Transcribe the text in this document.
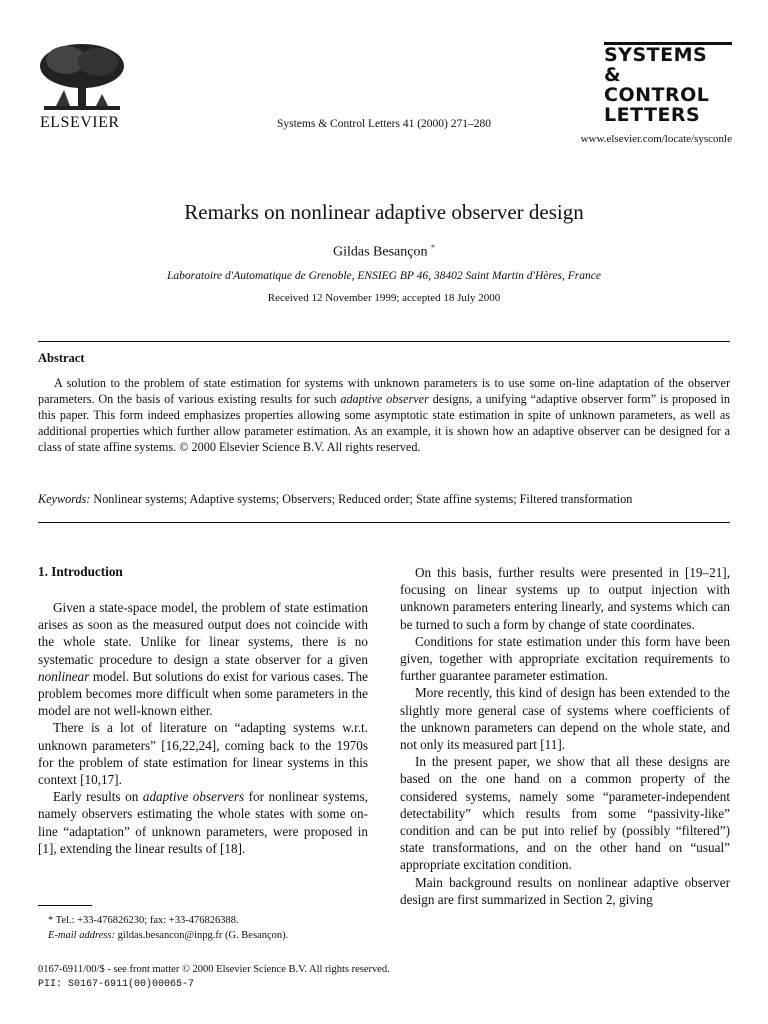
ELSEVIER	Systems & Control Letters 41 (2000) 271–280
SYSTEMS
& CONTROL
LETTERS
www.elsevier.com/locate/sysconle
Remarks on nonlinear adaptive observer design
Gildas Besançon *
Laboratoire d'Automatique de Grenoble, ENSIEG BP 46, 38402 Saint Martin d'Hères, France
Received 12 November 1999; accepted 18 July 2000
Abstract
A solution to the problem of state estimation for systems with unknown parameters is to use some on-line adaptation of the observer parameters. On the basis of various existing results for such adaptive observer designs, a unifying “adaptive observer form” is proposed in this paper. This form indeed emphasizes properties allowing some asymptotic state estimation in spite of unknown parameters, as well as additional properties which further allow parameter estimation. As an example, it is shown how an adaptive observer can be designed for a class of state affine systems. © 2000 Elsevier Science B.V. All rights reserved.
Keywords: Nonlinear systems; Adaptive systems; Observers; Reduced order; State affine systems; Filtered transformation
1. Introduction

Given a state-space model, the problem of state estimation arises as soon as the measured output does not coincide with the whole state. Unlike for linear systems, there is no systematic procedure to design a state observer for a given nonlinear model. But solutions do exist for various cases. The problem becomes more difficult when some parameters in the model are not well-known either.

There is a lot of literature on “adapting systems w.r.t. unknown parameters” [16,22,24], coming back to the 1970s for the problem of state estimation for linear systems in this context [10,17].

Early results on adaptive observers for nonlinear systems, namely observers estimating the whole states with some on-line “adaptation” of unknown parameters, were proposed in [1], extending the linear results of [18].

On this basis, further results were presented in [19–21], focusing on linear systems up to output injection with unknown parameters entering linearly, and systems which can be turned to such a form by change of state coordinates.

Conditions for state estimation under this form have been given, together with appropriate excitation requirements to further guarantee parameter estimation.

More recently, this kind of design has been extended to the slightly more general case of systems where coefficients of the unknown parameters can depend on the whole state, and not only its measured part [11].

In the present paper, we show that all these designs are based on the one hand on a common property of the considered systems, namely some “parameter-independent detectability” which results from some “passivity-like” condition and can be put into relief by (possibly “filtered”) state transformations, and on the other hand on “usual” appropriate excitation condition.

Main background results on nonlinear adaptive observer design are first summarized in Section 2, giving

* Tel.: +33-476826230; fax: +33-476826388.
E-mail address: gildas.besancon@inpg.fr (G. Besançon).
0167-6911/00/$ - see front matter © 2000 Elsevier Science B.V. All rights reserved.
PII: S0167-6911(00)00065-7
